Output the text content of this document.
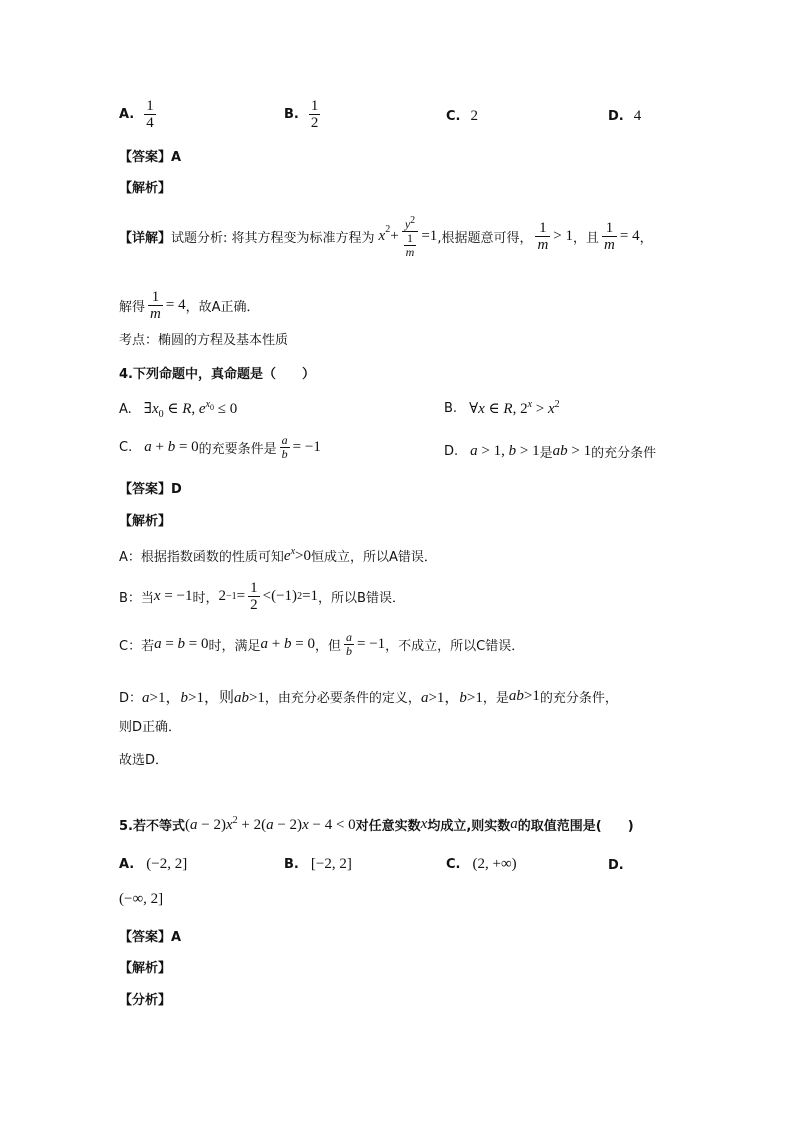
A. $\frac{1}{4}$	B. $\frac{1}{2}$	C. 2	D. 4
【答案】A
【解析】
【详解】 试题分析: 将其方程变为标准方程为 $x^2 + \frac{y^2}{\frac{1}{m}} =1$ ,根据题意可得， $\frac{1}{m} > 1$ ，且 $\frac{1}{m} = 4$ ，
解得 $\frac{1}{m} = 4$ ，故A正确．
考点：椭圆的方程及基本性质
4.下列命题中，真命题是（　　）
A. $\exists x_0$ ∈ R, $e^{x_0} \le 0$	B. ∀x ∈ R, $2^x > x^2$
C. a + b = 0 的充要条件是 $\frac{a}{b} = -1$	D. a > 1, b > 1 是 ab > 1 的充分条件
【答案】D
【解析】
A：根据指数函数的性质可知 $e^x>0$ 恒成立，所以A错误．
B：当 x = −1 时， $2 -1 = \frac{1}{2} <(-1)$ 2 =1 ，所以B错误．
C：若 a = b = 0 时，满足 a + b = 0 ，但 $\frac{a}{b} = -1$ ，不成立，所以C错误．
D： a>1，b>1，则ab>1 ，由充分必要条件的定义， a>1，b>1 ，是 ab>1 的充分条件，
则D正确．
故选D．
5.若不等式 $(a - 2)x^2 + 2(a - 2)x - 4 < 0$ 对任意实数 x 均成立,则实数 a 的取值范围是(　　)
A. (−2, 2]	B. [−2, 2]	C. (2, +∞)	D.
(−∞, 2]
【答案】A
【解析】
【分析】
